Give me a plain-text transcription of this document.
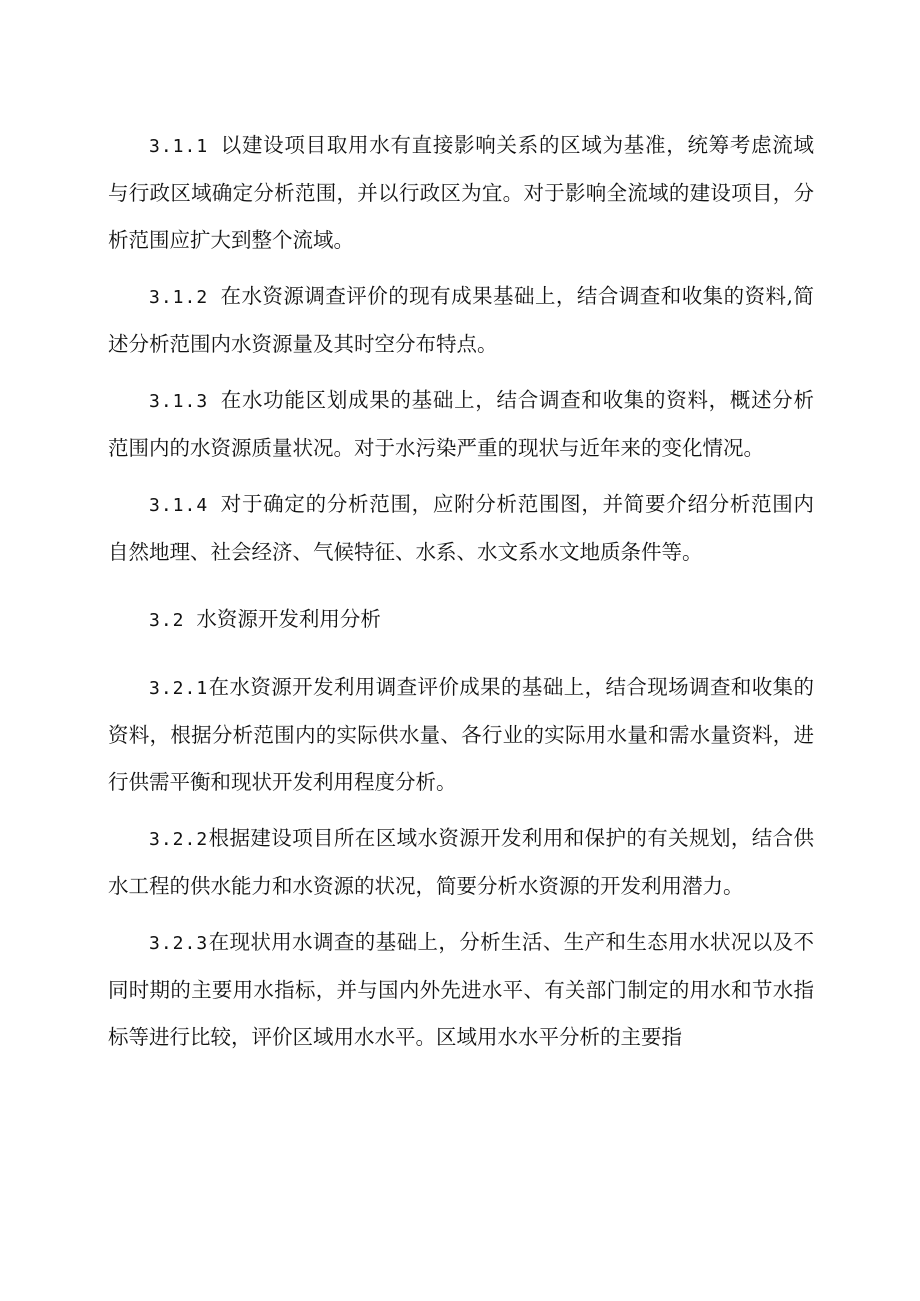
3.1.1 以建设项目取用水有直接影响关系的区域为基准，统筹考虑流域与行政区域确定分析范围，并以行政区为宜。对于影响全流域的建设项目，分析范围应扩大到整个流域。

3.1.2 在水资源调查评价的现有成果基础上，结合调查和收集的资料,简述分析范围内水资源量及其时空分布特点。

3.1.3 在水功能区划成果的基础上，结合调查和收集的资料，概述分析范围内的水资源质量状况。对于水污染严重的现状与近年来的变化情况。

3.1.4 对于确定的分析范围，应附分析范围图，并简要介绍分析范围内自然地理、社会经济、气候特征、水系、水文系水文地质条件等。

3.2 水资源开发利用分析

3.2.1在水资源开发利用调查评价成果的基础上，结合现场调查和收集的资料，根据分析范围内的实际供水量、各行业的实际用水量和需水量资料，进行供需平衡和现状开发利用程度分析。

3.2.2根据建设项目所在区域水资源开发利用和保护的有关规划，结合供水工程的供水能力和水资源的状况，简要分析水资源的开发利用潜力。

3.2.3在现状用水调查的基础上，分析生活、生产和生态用水状况以及不同时期的主要用水指标，并与国内外先进水平、有关部门制定的用水和节水指标等进行比较，评价区域用水水平。区域用水水平分析的主要指
